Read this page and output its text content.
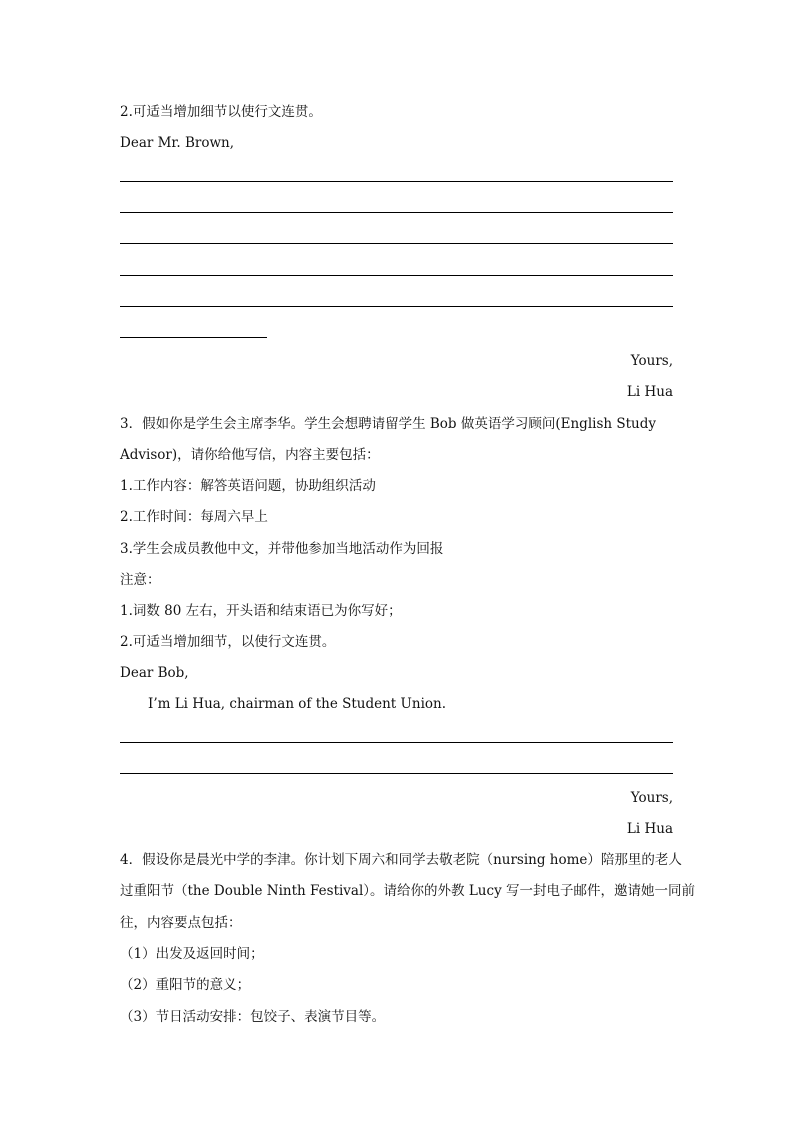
2.可适当增加细节以使行文连贯。
Dear Mr. Brown,
Yours,
Li Hua
3．假如你是学生会主席李华。学生会想聘请留学生 Bob 做英语学习顾问(English Study
Advisor)，请你给他写信，内容主要包括：
1.工作内容：解答英语问题，协助组织活动
2.工作时间：每周六早上
3.学生会成员教他中文，并带他参加当地活动作为回报
注意：
1.词数 80 左右，开头语和结束语已为你写好；
2.可适当增加细节，以使行文连贯。
Dear Bob,
I’m Li Hua, chairman of the Student Union.
Yours,
Li Hua
4．假设你是晨光中学的李津。你计划下周六和同学去敬老院（nursing home）陪那里的老人
过重阳节（the Double Ninth Festival）。请给你的外教 Lucy 写一封电子邮件，邀请她一同前
往，内容要点包括：
（1）出发及返回时间；
（2）重阳节的意义；
（3）节日活动安排：包饺子、表演节目等。
